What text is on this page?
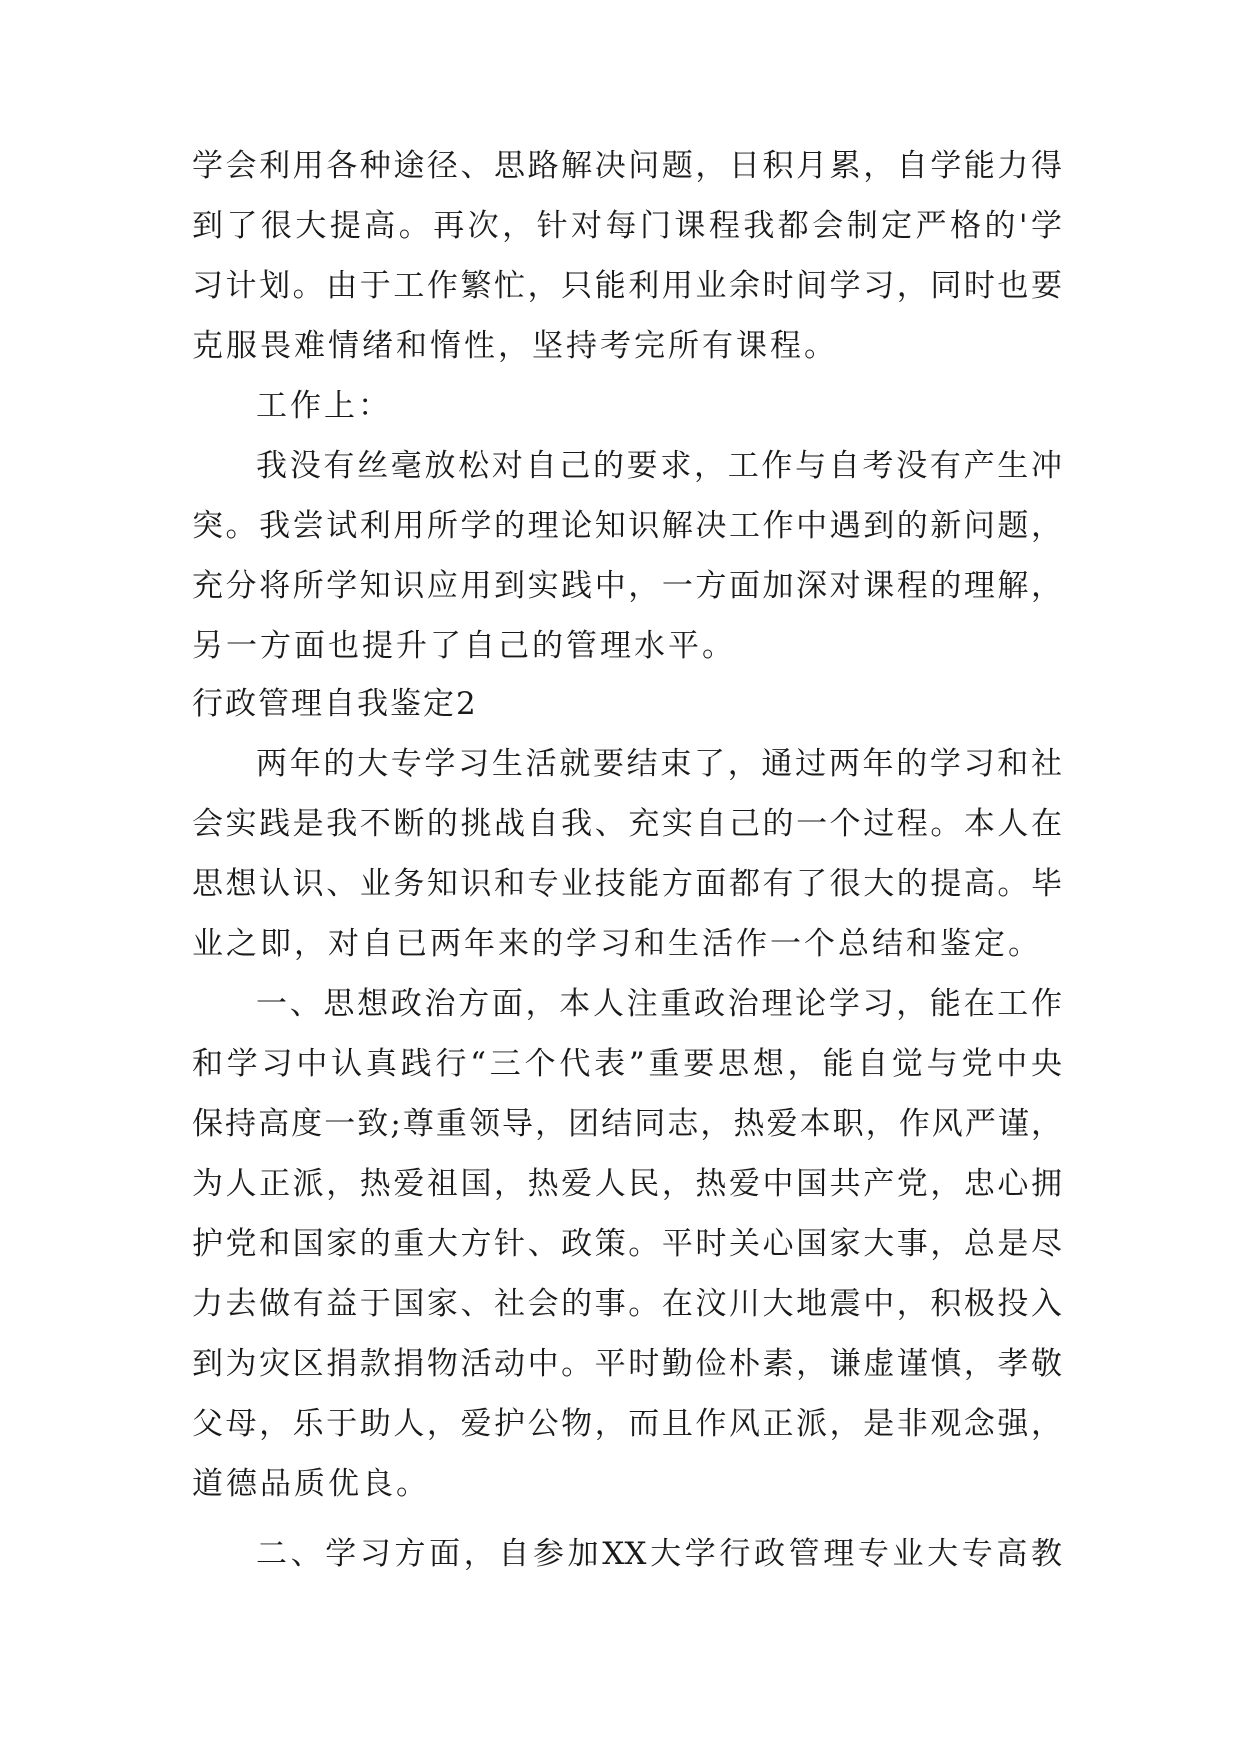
学会利用各种途径、思路解决问题，日积月累，自学能力得
到了很大提高。再次，针对每门课程我都会制定严格的'学
习计划。由于工作繁忙，只能利用业余时间学习，同时也要
克服畏难情绪和惰性，坚持考完所有课程。
工作上：
我没有丝毫放松对自己的要求，工作与自考没有产生冲
突。我尝试利用所学的理论知识解决工作中遇到的新问题，
充分将所学知识应用到实践中，一方面加深对课程的理解，
另一方面也提升了自己的管理水平。
行政管理自我鉴定2
两年的大专学习生活就要结束了，通过两年的学习和社
会实践是我不断的挑战自我、充实自己的一个过程。本人在
思想认识、业务知识和专业技能方面都有了很大的提高。毕
业之即，对自已两年来的学习和生活作一个总结和鉴定。
一、思想政治方面，本人注重政治理论学习，能在工作
和学习中认真践行“三个代表”重要思想，能自觉与党中央
保持高度一致;尊重领导，团结同志，热爱本职，作风严谨，
为人正派，热爱祖国，热爱人民，热爱中国共产党，忠心拥
护党和国家的重大方针、政策。平时关心国家大事，总是尽
力去做有益于国家、社会的事。在汶川大地震中，积极投入
到为灾区捐款捐物活动中。平时勤俭朴素，谦虚谨慎，孝敬
父母，乐于助人，爱护公物，而且作风正派，是非观念强，
道德品质优良。
二、学习方面，自参加XX大学行政管理专业大专高教
